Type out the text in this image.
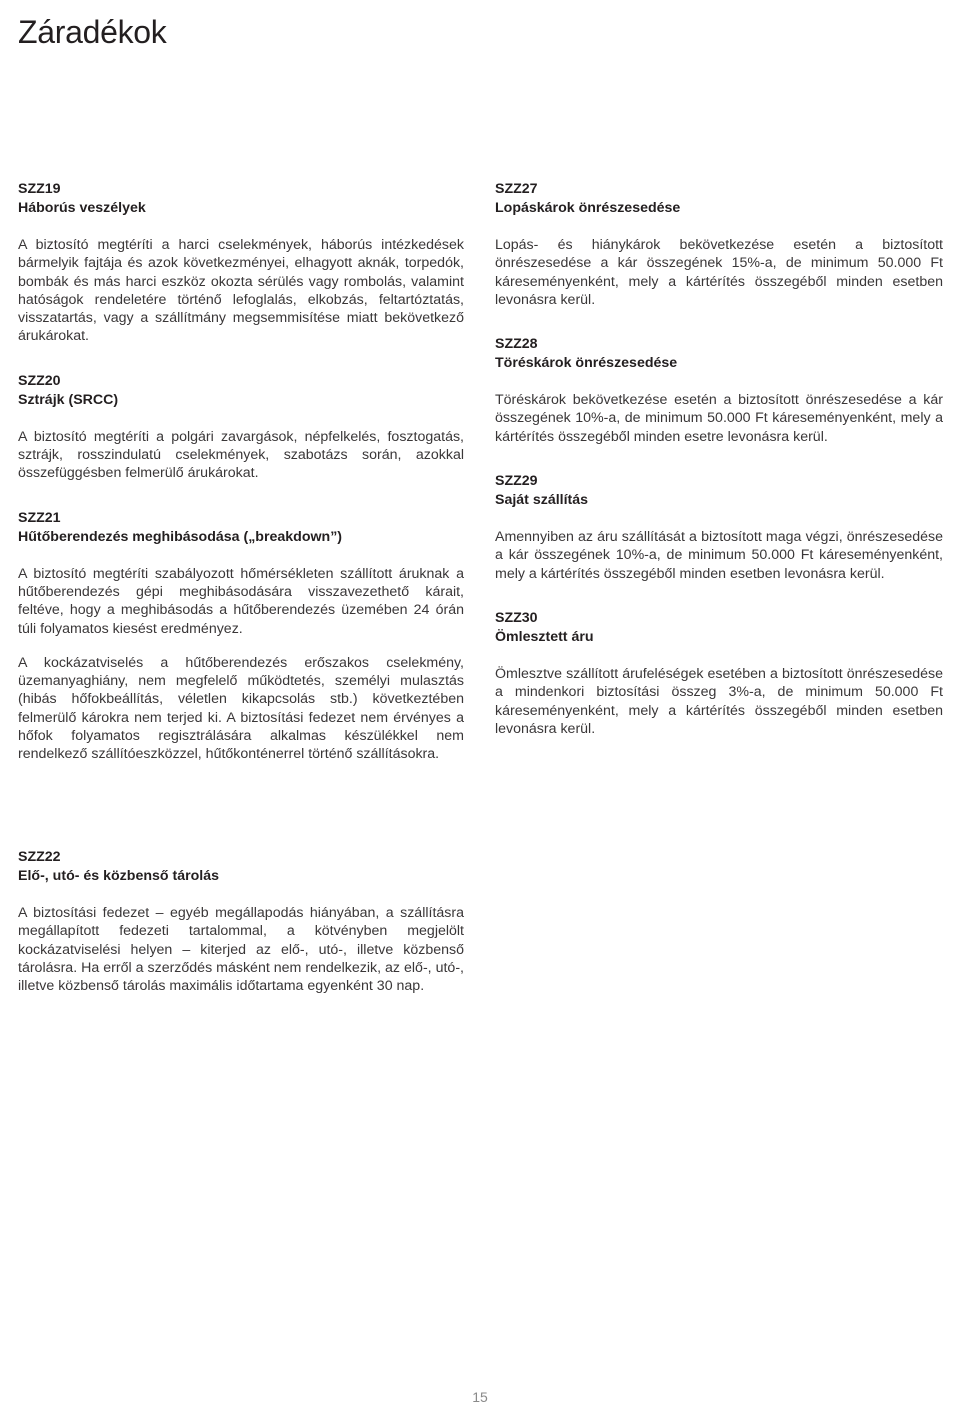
Záradékok
SZZ19
Háborús veszélyek

A biztosító megtéríti a harci cselekmények, háborús intézkedések bármelyik fajtája és azok következményei, elhagyott aknák, torpedók, bombák és más harci eszköz okozta sérülés vagy rombolás, valamint hatóságok rendeletére történő lefoglalás, elkobzás, feltartóztatás, visszatartás, vagy a szállítmány megsemmisítése miatt bekövetkező árukárokat.

SZZ20
Sztrájk (SRCC)

A biztosító megtéríti a polgári zavargások, népfelkelés, fosztogatás, sztrájk, rosszindulatú cselekmények, szabotázs során, azokkal összefüggésben felmerülő árukárokat.

SZZ21
Hűtőberendezés meghibásodása („breakdown”)

A biztosító megtéríti szabályozott hőmérsékleten szállított áruknak a hűtőberendezés gépi meghibásodására visszavezethető kárait, feltéve, hogy a meghibásodás a hűtőberendezés üzemében 24 órán túli folyamatos kiesést eredményez.

A kockázatviselés a hűtőberendezés erőszakos cselekmény, üzemanyaghiány, nem megfelelő működtetés, személyi mulasztás (hibás hőfokbeállítás, véletlen kikapcsolás stb.) következtében felmerülő károkra nem terjed ki. A biztosítási fedezet nem érvényes a hőfok folyamatos regisztrálására alkalmas készülékkel nem rendelkező szállítóeszközzel, hűtőkonténerrel történő szállításokra.

SZZ27
Lopáskárok önrészesedése

Lopás- és hiánykárok bekövetkezése esetén a biztosított önrészesedése a kár összegének 15%-a, de minimum 50.000 Ft káreseményenként, mely a kártérítés összegéből minden esetben levonásra kerül.

SZZ28
Töréskárok önrészesedése

Töréskárok bekövetkezése esetén a biztosított önrészesedése a kár összegének 10%-a, de minimum 50.000 Ft káreseményenként, mely a kártérítés összegéből minden esetre levonásra kerül.

SZZ29
Saját szállítás

Amennyiben az áru szállítását a biztosított maga végzi, önrészesedése a kár összegének 10%-a, de minimum 50.000 Ft káreseményenként, mely a kártérítés összegéből minden esetben levonásra kerül.

SZZ30
Ömlesztett áru

Ömlesztve szállított árufeléségek esetében a biztosított önrészesedése a mindenkori biztosítási összeg 3%-a, de minimum 50.000 Ft káreseményenként, mely a kártérítés összegéből minden esetben levonásra kerül.

SZZ22
Elő-, utó- és közbenső tárolás

A biztosítási fedezet – egyéb megállapodás hiányában, a szállításra megállapított fedezeti tartalommal, a kötvényben megjelölt kockázatviselési helyen – kiterjed az elő-, utó-, illetve közbenső tárolásra. Ha erről a szerződés másként nem rendelkezik, az elő-, utó-, illetve közbenső tárolás maximális időtartama egyenként 30 nap.

15
